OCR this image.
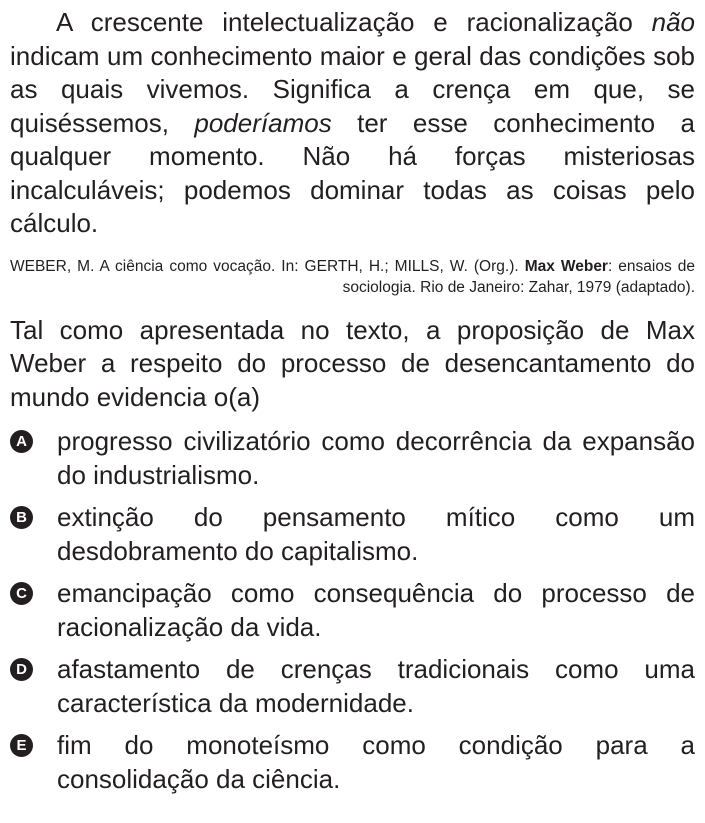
A crescente intelectualização e racionalização não indicam um conhecimento maior e geral das condições sob as quais vivemos. Significa a crença em que, se quiséssemos, poderíamos ter esse conhecimento a qualquer momento. Não há forças misteriosas incalculáveis; podemos dominar todas as coisas pelo cálculo.

WEBER, M. A ciência como vocação. In: GERTH, H.; MILLS, W. (Org.). Max Weber: ensaios de sociologia. Rio de Janeiro: Zahar, 1979 (adaptado).

Tal como apresentada no texto, a proposição de Max Weber a respeito do processo de desencantamento do mundo evidencia o(a)

A progresso civilizatório como decorrência da expansão do industrialismo.
B extinção do pensamento mítico como um desdobramento do capitalismo.
C emancipação como consequência do processo de racionalização da vida.
D afastamento de crenças tradicionais como uma característica da modernidade.
E fim do monoteísmo como condição para a consolidação da ciência.
